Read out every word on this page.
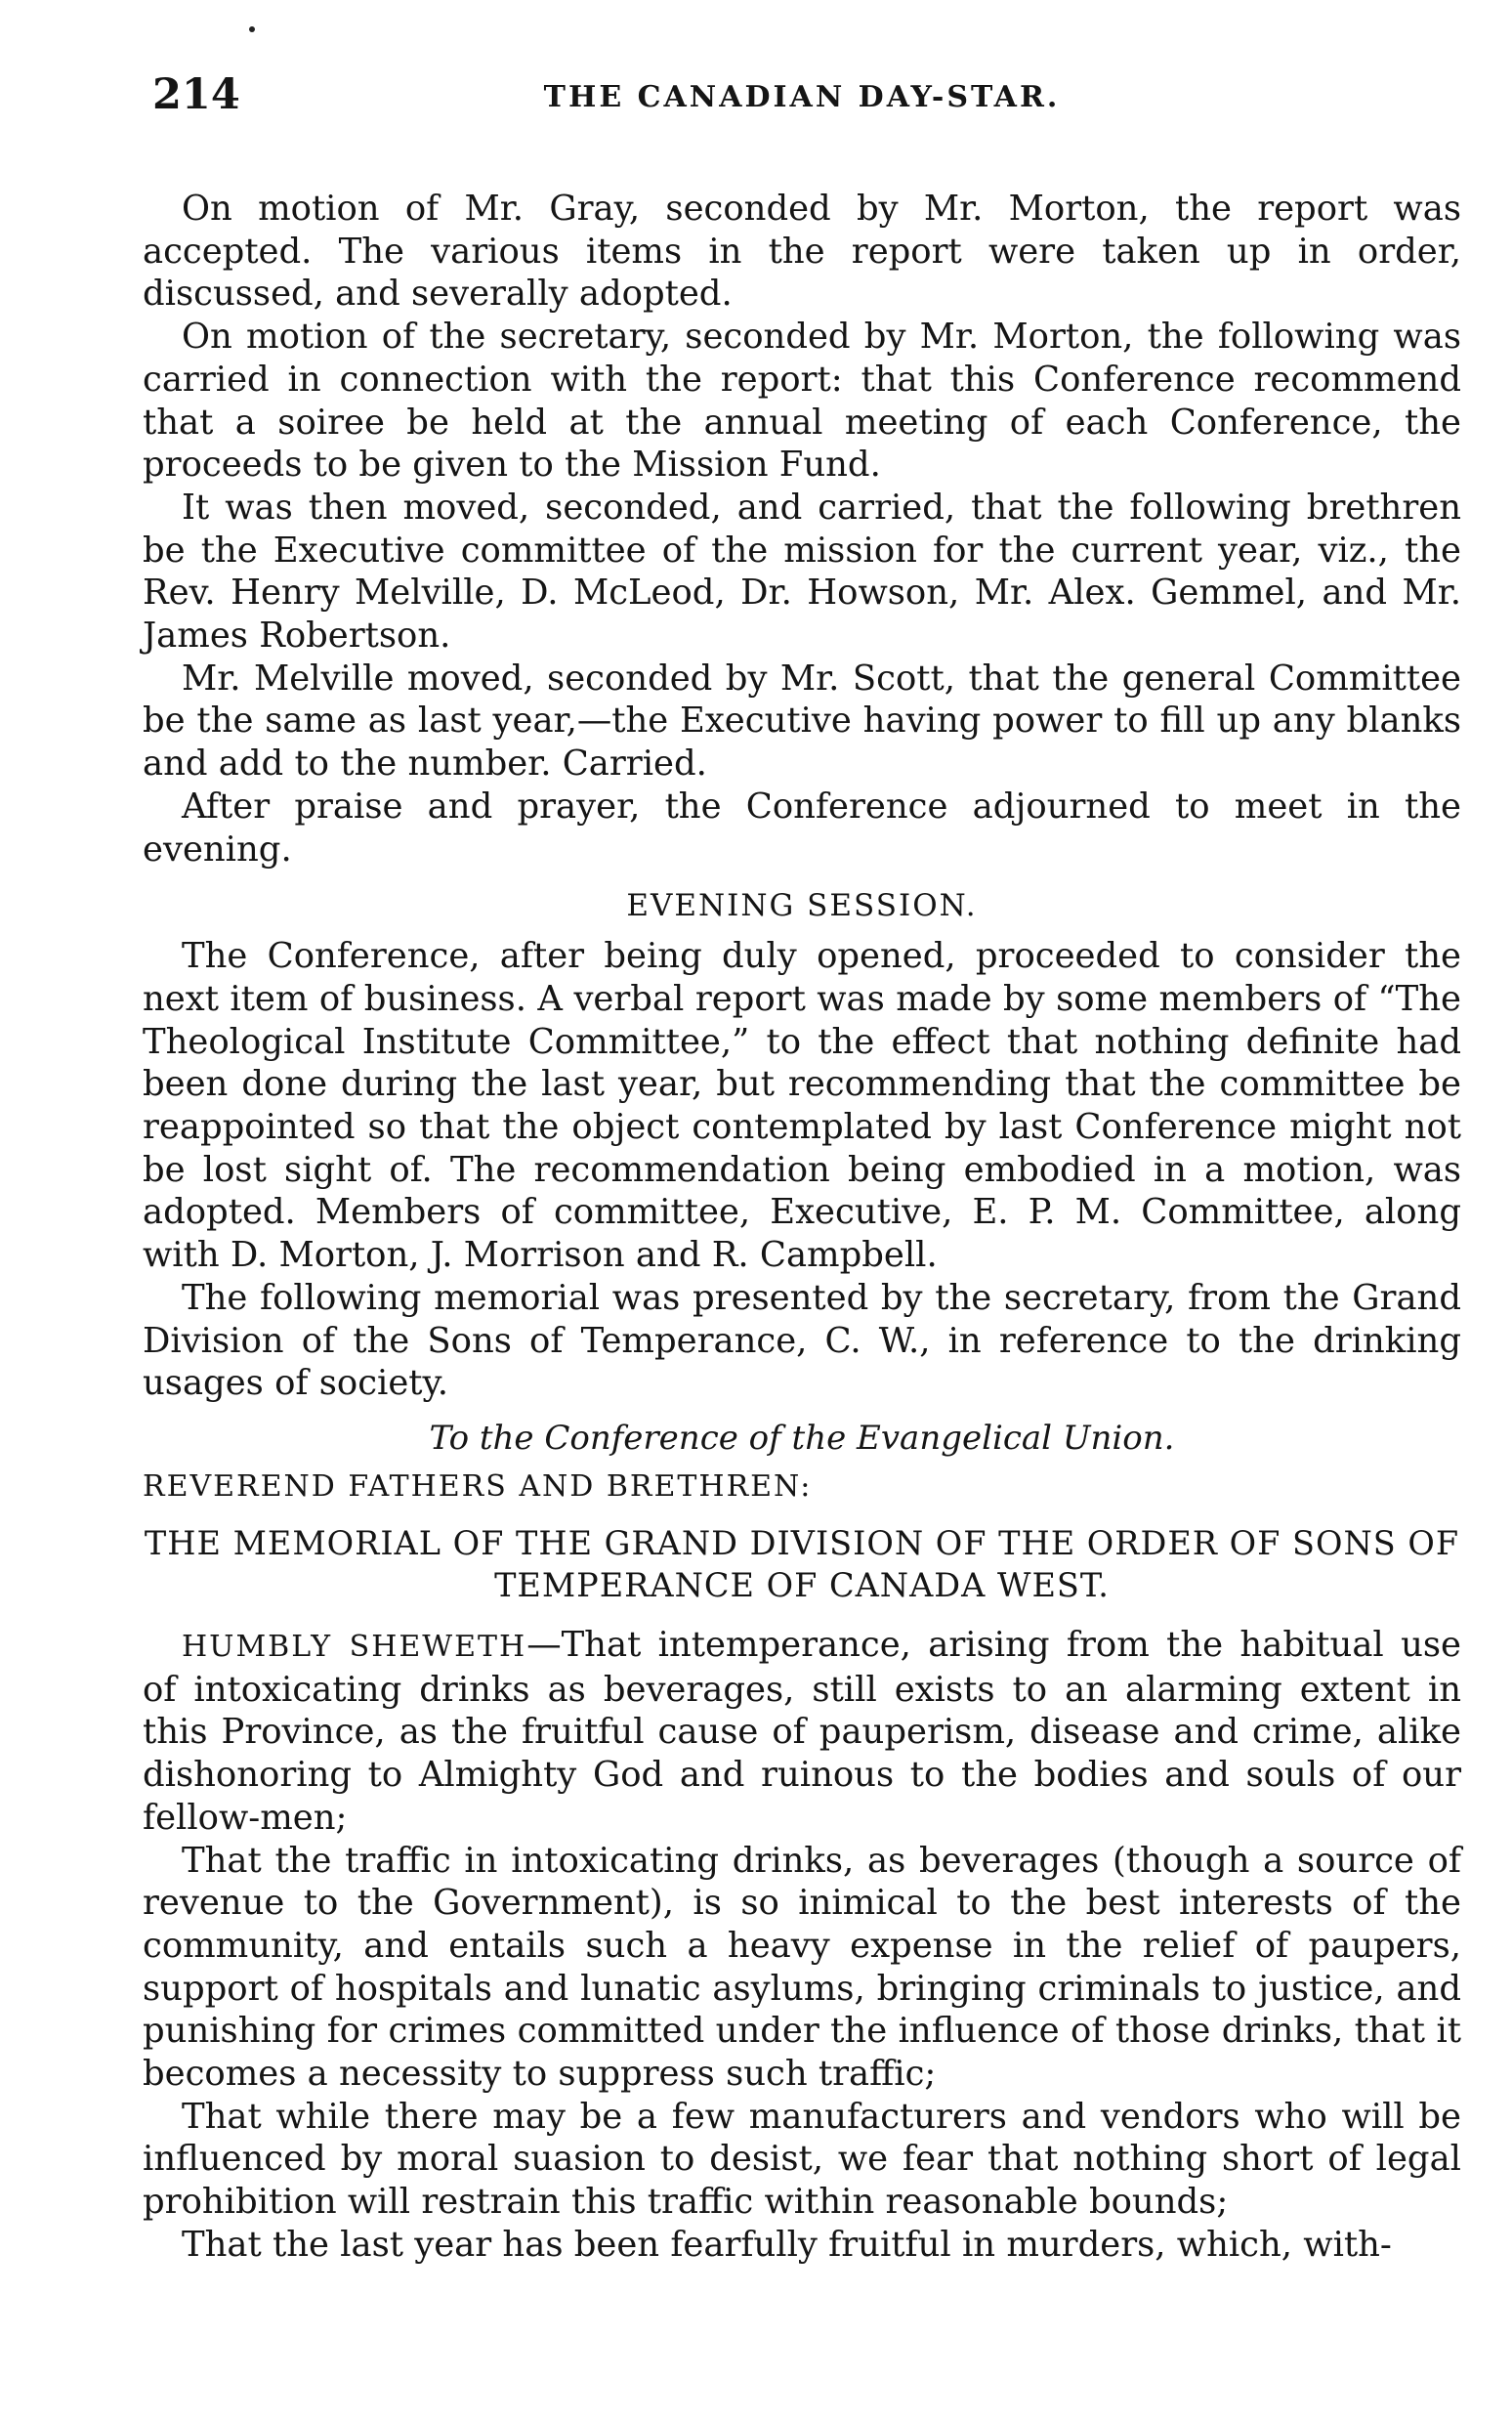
214	THE CANADIAN DAY-STAR.

On motion of Mr. Gray, seconded by Mr. Morton, the report was accepted. The various items in the report were taken up in order, discussed, and severally adopted.

On motion of the secretary, seconded by Mr. Morton, the following was carried in connection with the report: that this Conference recommend that a soiree be held at the annual meeting of each Conference, the proceeds to be given to the Mission Fund.

It was then moved, seconded, and carried, that the following brethren be the Executive committee of the mission for the current year, viz., the Rev. Henry Melville, D. McLeod, Dr. Howson, Mr. Alex. Gemmel, and Mr. James Robertson.

Mr. Melville moved, seconded by Mr. Scott, that the general Committee be the same as last year,—the Executive having power to fill up any blanks and add to the number. Carried.

After praise and prayer, the Conference adjourned to meet in the evening.

EVENING SESSION.

The Conference, after being duly opened, proceeded to consider the next item of business. A verbal report was made by some members of “The Theological Institute Committee,” to the effect that nothing definite had been done during the last year, but recommending that the committee be reappointed so that the object contemplated by last Conference might not be lost sight of. The recommendation being embodied in a motion, was adopted. Members of committee, Executive, E. P. M. Committee, along with D. Morton, J. Morrison and R. Campbell.

The following memorial was presented by the secretary, from the Grand Division of the Sons of Temperance, C. W., in reference to the drinking usages of society.

To the Conference of the Evangelical Union.
REVEREND FATHERS AND BRETHREN:
THE MEMORIAL OF THE GRAND DIVISION OF THE ORDER OF SONS OF TEMPERANCE OF CANADA WEST.

HUMBLY SHEWETH—That intemperance, arising from the habitual use of intoxicating drinks as beverages, still exists to an alarming extent in this Province, as the fruitful cause of pauperism, disease and crime, alike dishonoring to Almighty God and ruinous to the bodies and souls of our fellow-men;

That the traffic in intoxicating drinks, as beverages (though a source of revenue to the Government), is so inimical to the best interests of the community, and entails such a heavy expense in the relief of paupers, support of hospitals and lunatic asylums, bringing criminals to justice, and punishing for crimes committed under the influence of those drinks, that it becomes a necessity to suppress such traffic;

That while there may be a few manufacturers and vendors who will be influenced by moral suasion to desist, we fear that nothing short of legal prohibition will restrain this traffic within reasonable bounds;

That the last year has been fearfully fruitful in murders, which, with-
